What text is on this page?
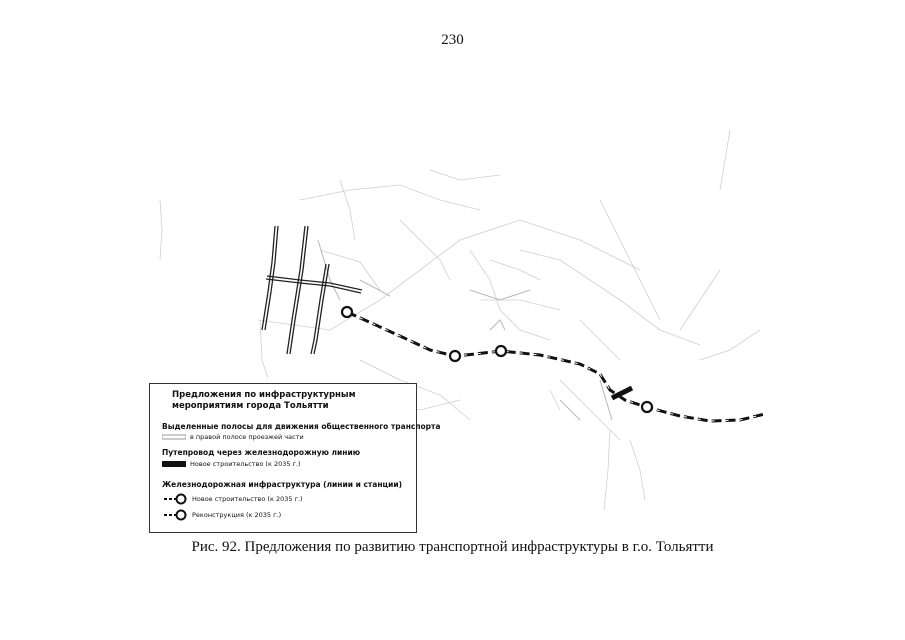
230
Предложения по инфраструктурным мероприятиям города Тольятти
Выделенные полосы для движения общественного транспорта
в правой полосе проезжей части
Путепровод через железнодорожную линию
Новое строительство (к 2035 г.)
Железнодорожная инфраструктура (линии и станции)
Новое строительство (к 2035 г.)
Реконструкция (к 2035 г.)
Рис. 92. Предложения по развитию транспортной инфраструктуры в г.о. Тольятти
